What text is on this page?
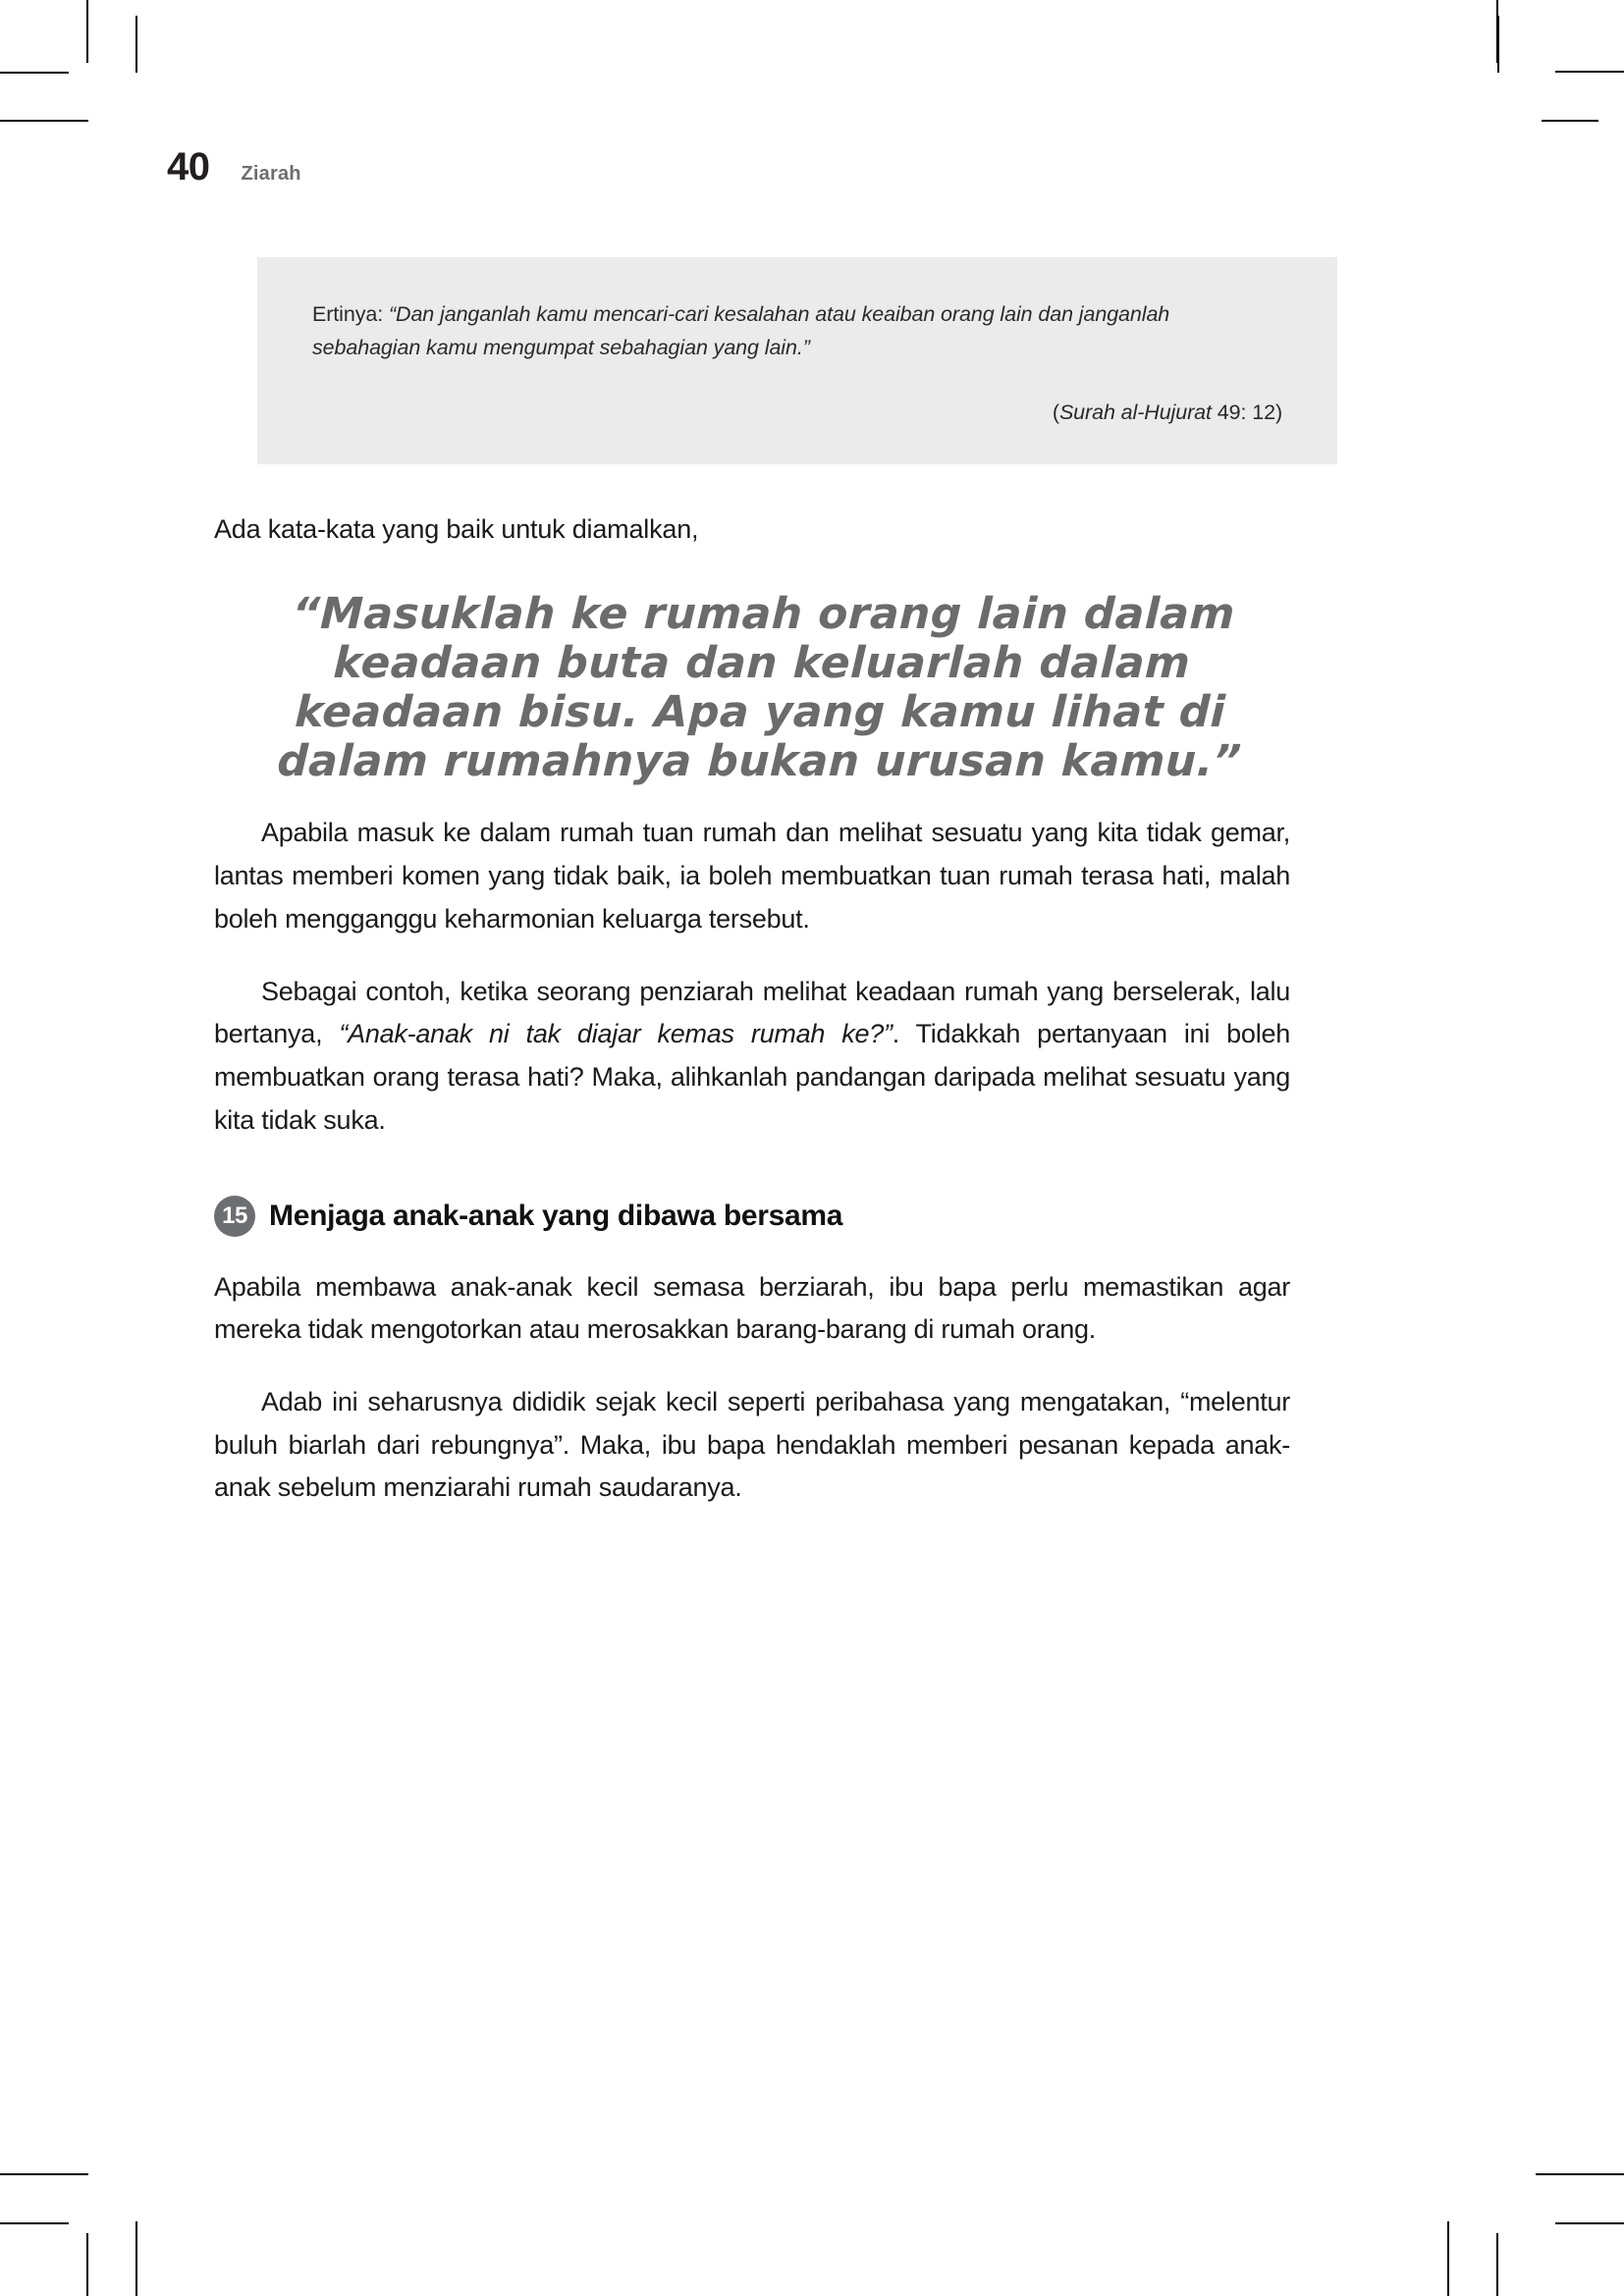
40 Ziarah
Ertinya: “Dan janganlah kamu mencari-cari kesalahan atau keaiban orang lain dan janganlah sebahagian kamu mengumpat sebahagian yang lain.”
(Surah al-Hujurat 49: 12)

Ada kata-kata yang baik untuk diamalkan,

“Masuklah ke rumah orang lain dalam
keadaan buta dan keluarlah dalam
keadaan bisu. Apa yang kamu lihat di
dalam rumahnya bukan urusan kamu.”

Apabila masuk ke dalam rumah tuan rumah dan melihat sesuatu yang kita tidak gemar, lantas memberi komen yang tidak baik, ia boleh membuatkan tuan rumah terasa hati, malah boleh mengganggu keharmonian keluarga tersebut.

Sebagai contoh, ketika seorang penziarah melihat keadaan rumah yang berselerak, lalu bertanya, “Anak-anak ni tak diajar kemas rumah ke?”. Tidakkah pertanyaan ini boleh membuatkan orang terasa hati? Maka, alihkanlah pandangan daripada melihat sesuatu yang kita tidak suka.

15 Menjaga anak-anak yang dibawa bersama

Apabila membawa anak-anak kecil semasa berziarah, ibu bapa perlu memastikan agar mereka tidak mengotorkan atau merosakkan barang-barang di rumah orang.

Adab ini seharusnya dididik sejak kecil seperti peribahasa yang mengatakan, “melentur buluh biarlah dari rebungnya”. Maka, ibu bapa hendaklah memberi pesanan kepada anak-anak sebelum menziarahi rumah saudaranya.
